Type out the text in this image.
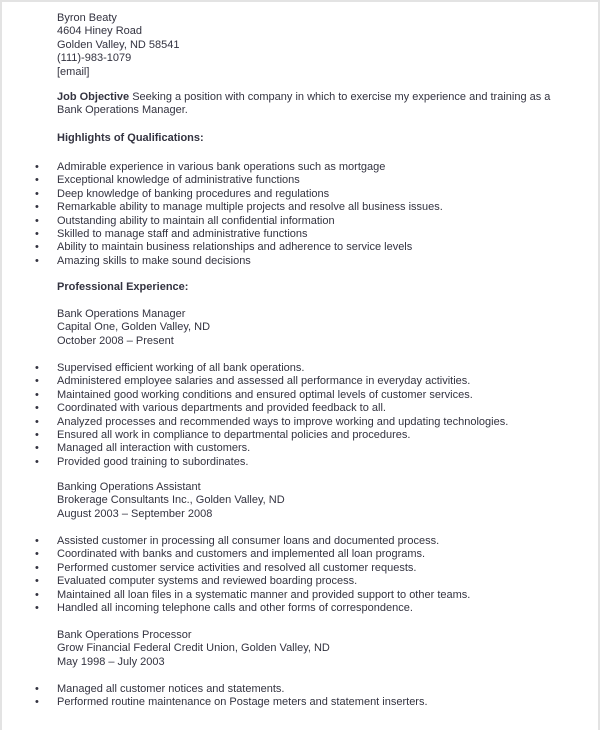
Byron Beaty
4604 Hiney Road
Golden Valley, ND 58541
(111)-983-1079
[email]
Job Objective Seeking a position with company in which to exercise my experience and training as a
Bank Operations Manager.
Highlights of Qualifications:
• Admirable experience in various bank operations such as mortgage
• Exceptional knowledge of administrative functions
• Deep knowledge of banking procedures and regulations
• Remarkable ability to manage multiple projects and resolve all business issues.
• Outstanding ability to maintain all confidential information
• Skilled to manage staff and administrative functions
• Ability to maintain business relationships and adherence to service levels
• Amazing skills to make sound decisions
Professional Experience:
Bank Operations Manager
Capital One, Golden Valley, ND
October 2008 – Present
• Supervised efficient working of all bank operations.
• Administered employee salaries and assessed all performance in everyday activities.
• Maintained good working conditions and ensured optimal levels of customer services.
• Coordinated with various departments and provided feedback to all.
• Analyzed processes and recommended ways to improve working and updating technologies.
• Ensured all work in compliance to departmental policies and procedures.
• Managed all interaction with customers.
• Provided good training to subordinates.
Banking Operations Assistant
Brokerage Consultants Inc., Golden Valley, ND
August 2003 – September 2008
• Assisted customer in processing all consumer loans and documented process.
• Coordinated with banks and customers and implemented all loan programs.
• Performed customer service activities and resolved all customer requests.
• Evaluated computer systems and reviewed boarding process.
• Maintained all loan files in a systematic manner and provided support to other teams.
• Handled all incoming telephone calls and other forms of correspondence.
Bank Operations Processor
Grow Financial Federal Credit Union, Golden Valley, ND
May 1998 – July 2003
• Managed all customer notices and statements.
• Performed routine maintenance on Postage meters and statement inserters.
